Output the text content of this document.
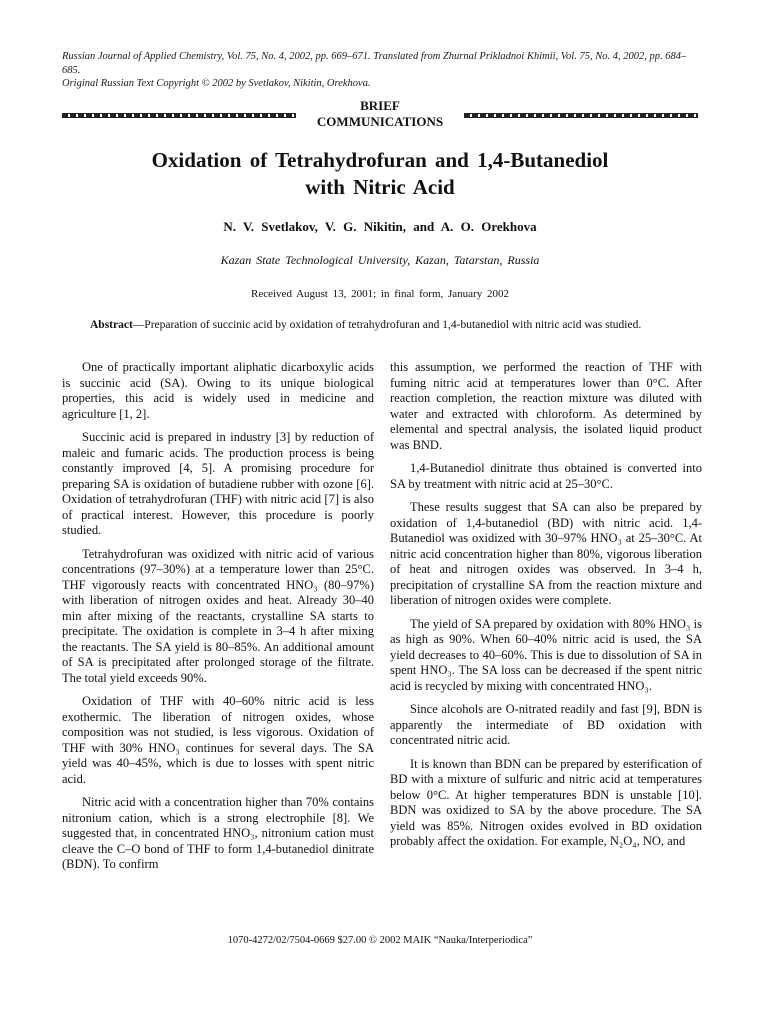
Russian Journal of Applied Chemistry, Vol. 75, No. 4, 2002, pp. 669–671. Translated from Zhurnal Prikladnoi Khimii, Vol. 75, No. 4, 2002, pp. 684–685.
Original Russian Text Copyright © 2002 by Svetlakov, Nikitin, Orekhova.
BRIEF
COMMUNICATIONS
Oxidation of Tetrahydrofuran and 1,4-Butanediol
with Nitric Acid
N. V. Svetlakov, V. G. Nikitin, and A. O. Orekhova
Kazan State Technological University, Kazan, Tatarstan, Russia
Received August 13, 2001; in final form, January 2002
Abstract—Preparation of succinic acid by oxidation of tetrahydrofuran and 1,4-butanediol with nitric acid was studied.

One of practically important aliphatic dicarboxylic acids is succinic acid (SA). Owing to its unique biological properties, this acid is widely used in medicine and agriculture [1, 2].

Succinic acid is prepared in industry [3] by reduction of maleic and fumaric acids. The production process is being constantly improved [4, 5]. A promising procedure for preparing SA is oxidation of butadiene rubber with ozone [6]. Oxidation of tetrahydrofuran (THF) with nitric acid [7] is also of practical interest. However, this procedure is poorly studied.

Tetrahydrofuran was oxidized with nitric acid of various concentrations (97–30%) at a temperature lower than 25°C. THF vigorously reacts with concentrated HNO₃ (80–97%) with liberation of nitrogen oxides and heat. Already 30–40 min after mixing of the reactants, crystalline SA starts to precipitate. The oxidation is complete in 3–4 h after mixing the reactants. The SA yield is 80–85%. An additional amount of SA is precipitated after prolonged storage of the filtrate. The total yield exceeds 90%.

Oxidation of THF with 40–60% nitric acid is less exothermic. The liberation of nitrogen oxides, whose composition was not studied, is less vigorous. Oxidation of THF with 30% HNO₃ continues for several days. The SA yield was 40–45%, which is due to losses with spent nitric acid.

Nitric acid with a concentration higher than 70% contains nitronium cation, which is a strong electrophile [8]. We suggested that, in concentrated HNO₃, nitronium cation must cleave the C–O bond of THF to form 1,4-butanediol dinitrate (BDN). To confirm

this assumption, we performed the reaction of THF with fuming nitric acid at temperatures lower than 0°C. After reaction completion, the reaction mixture was diluted with water and extracted with chloroform. As determined by elemental and spectral analysis, the isolated liquid product was BND.

1,4-Butanediol dinitrate thus obtained is converted into SA by treatment with nitric acid at 25–30°C.

These results suggest that SA can also be prepared by oxidation of 1,4-butanediol (BD) with nitric acid. 1,4-Butanediol was oxidized with 30–97% HNO₃ at 25–30°C. At nitric acid concentration higher than 80%, vigorous liberation of heat and nitrogen oxides was observed. In 3–4 h, precipitation of crystalline SA from the reaction mixture and liberation of nitrogen oxides were complete.

The yield of SA prepared by oxidation with 80% HNO₃ is as high as 90%. When 60–40% nitric acid is used, the SA yield decreases to 40–60%. This is due to dissolution of SA in spent HNO₃. The SA loss can be decreased if the spent nitric acid is recycled by mixing with concentrated HNO₃.

Since alcohols are O-nitrated readily and fast [9], BDN is apparently the intermediate of BD oxidation with concentrated nitric acid.

It is known than BDN can be prepared by esterification of BD with a mixture of sulfuric and nitric acid at temperatures below 0°C. At higher temperatures BDN is unstable [10]. BDN was oxidized to SA by the above procedure. The SA yield was 85%. Nitrogen oxides evolved in BD oxidation probably affect the oxidation. For example, N₂O₄, NO, and

1070-4272/02/7504-0669 $27.00 © 2002 MAIK “Nauka/Interperiodica”
